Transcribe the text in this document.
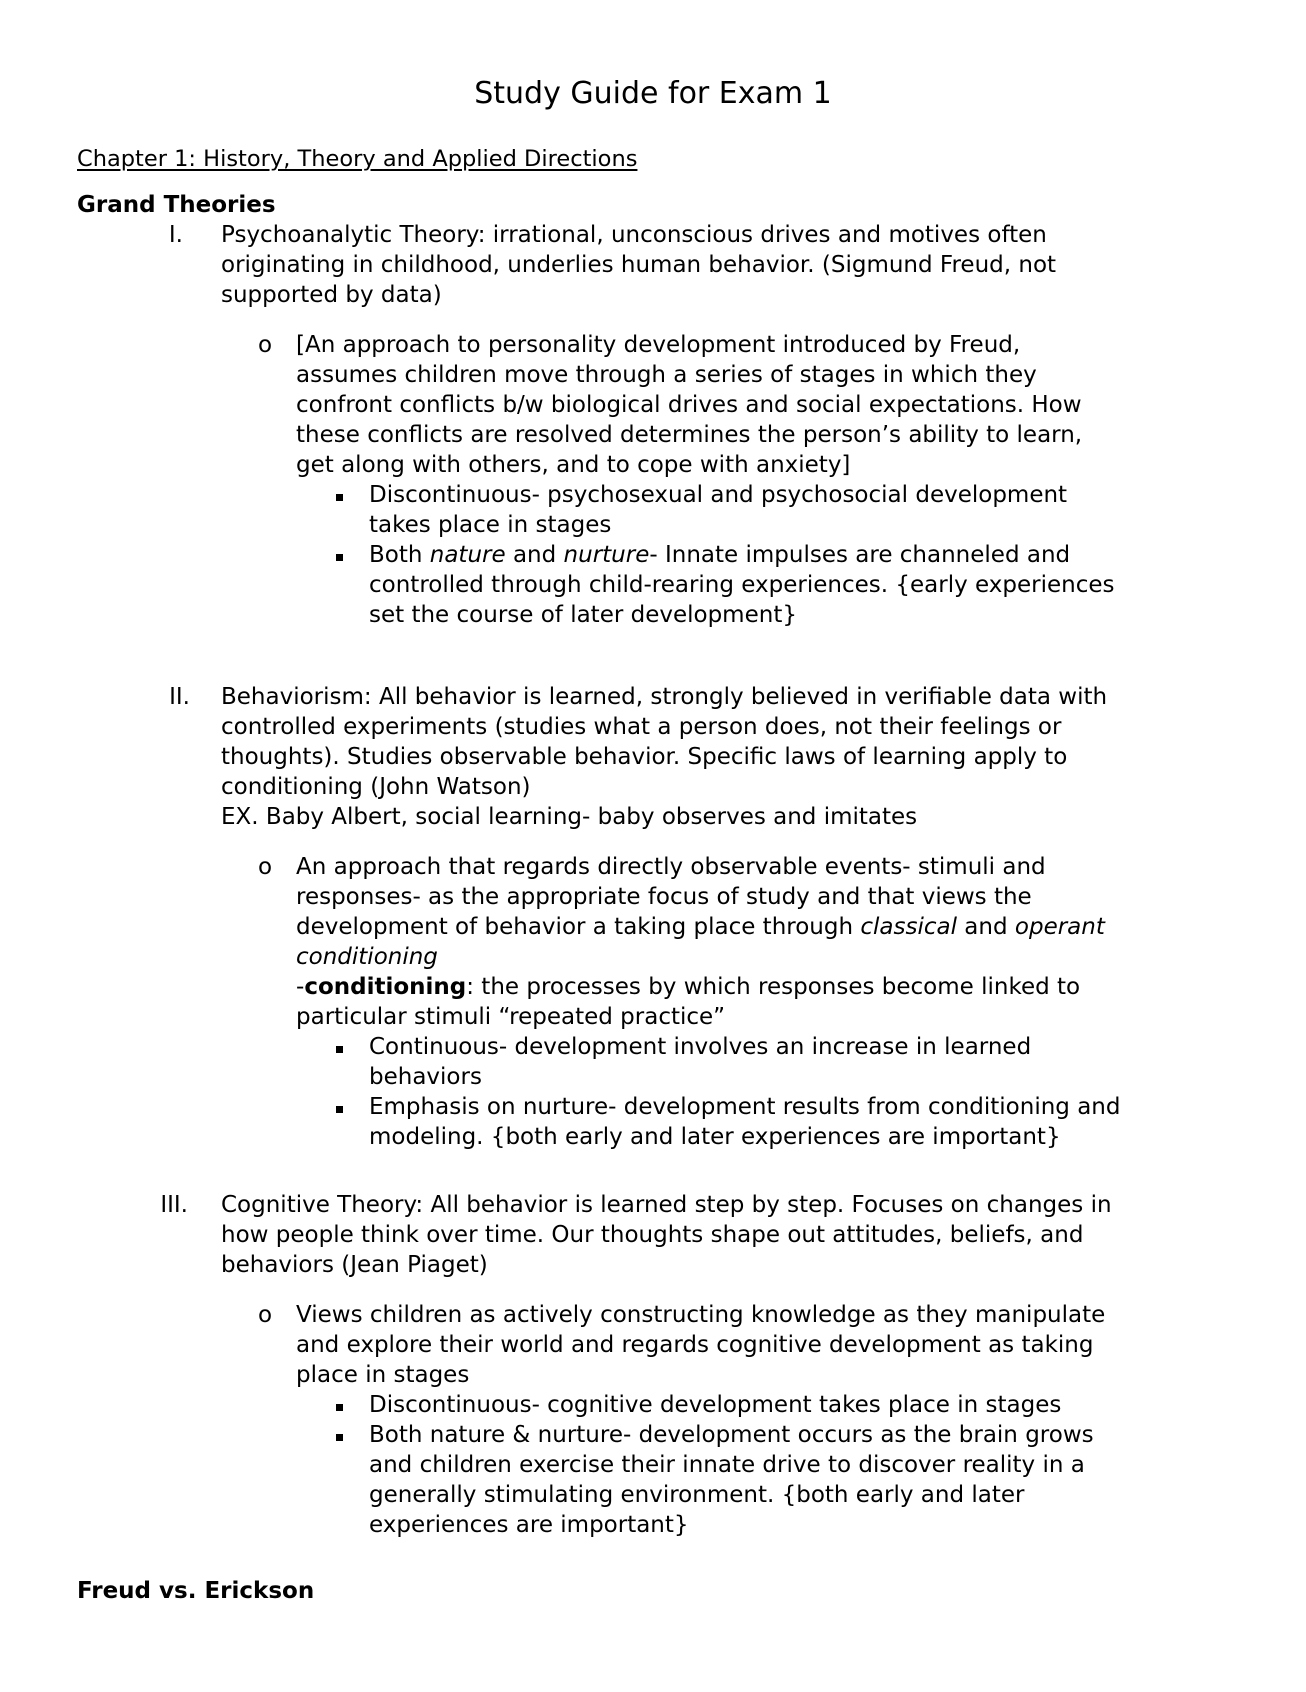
Study Guide for Exam 1
Chapter 1: History, Theory and Applied Directions
Grand Theories
I. Psychoanalytic Theory: irrational, unconscious drives and motives often
originating in childhood, underlies human behavior. (Sigmund Freud, not
supported by data)
o [An approach to personality development introduced by Freud,
assumes children move through a series of stages in which they
confront conflicts b/w biological drives and social expectations. How
these conflicts are resolved determines the person’s ability to learn,
get along with others, and to cope with anxiety]
Discontinuous- psychosexual and psychosocial development
takes place in stages
Both nature and nurture- Innate impulses are channeled and
controlled through child-rearing experiences. {early experiences
set the course of later development}
II. Behaviorism: All behavior is learned, strongly believed in verifiable data with
controlled experiments (studies what a person does, not their feelings or
thoughts). Studies observable behavior. Specific laws of learning apply to
conditioning (John Watson)
EX. Baby Albert, social learning- baby observes and imitates
o An approach that regards directly observable events- stimuli and
responses- as the appropriate focus of study and that views the
development of behavior a taking place through classical and operant
conditioning
-conditioning: the processes by which responses become linked to
particular stimuli “repeated practice”
Continuous- development involves an increase in learned
behaviors
Emphasis on nurture- development results from conditioning and
modeling. {both early and later experiences are important}
III. Cognitive Theory: All behavior is learned step by step. Focuses on changes in
how people think over time. Our thoughts shape out attitudes, beliefs, and
behaviors (Jean Piaget)
o Views children as actively constructing knowledge as they manipulate
and explore their world and regards cognitive development as taking
place in stages
Discontinuous- cognitive development takes place in stages
Both nature & nurture- development occurs as the brain grows
and children exercise their innate drive to discover reality in a
generally stimulating environment. {both early and later
experiences are important}
Freud vs. Erickson
